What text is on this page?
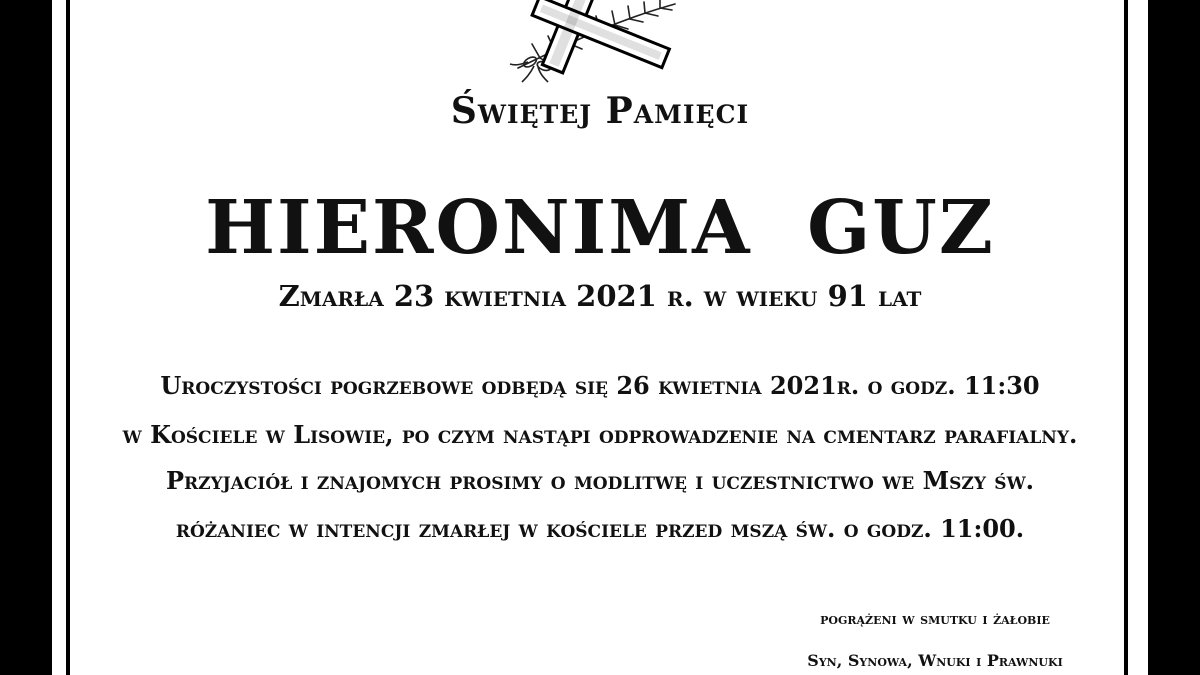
Świętej Pamięci
HIERONIMA  GUZ
Zmarła 23 kwietnia 2021 r. w wieku 91 lat
Uroczystości pogrzebowe odbędą się 26 kwietnia 2021r. o godz. 11:30
w Kościele w Lisowie, po czym nastąpi odprowadzenie na cmentarz parafialny.
Przyjaciół i znajomych prosimy o modlitwę i uczestnictwo we Mszy św.
różaniec w intencji zmarłej w kościele przed mszą św. o godz. 11:00.
pogrążeni w smutku i żałobie
Syn, Synowa, Wnuki i Prawnuki
